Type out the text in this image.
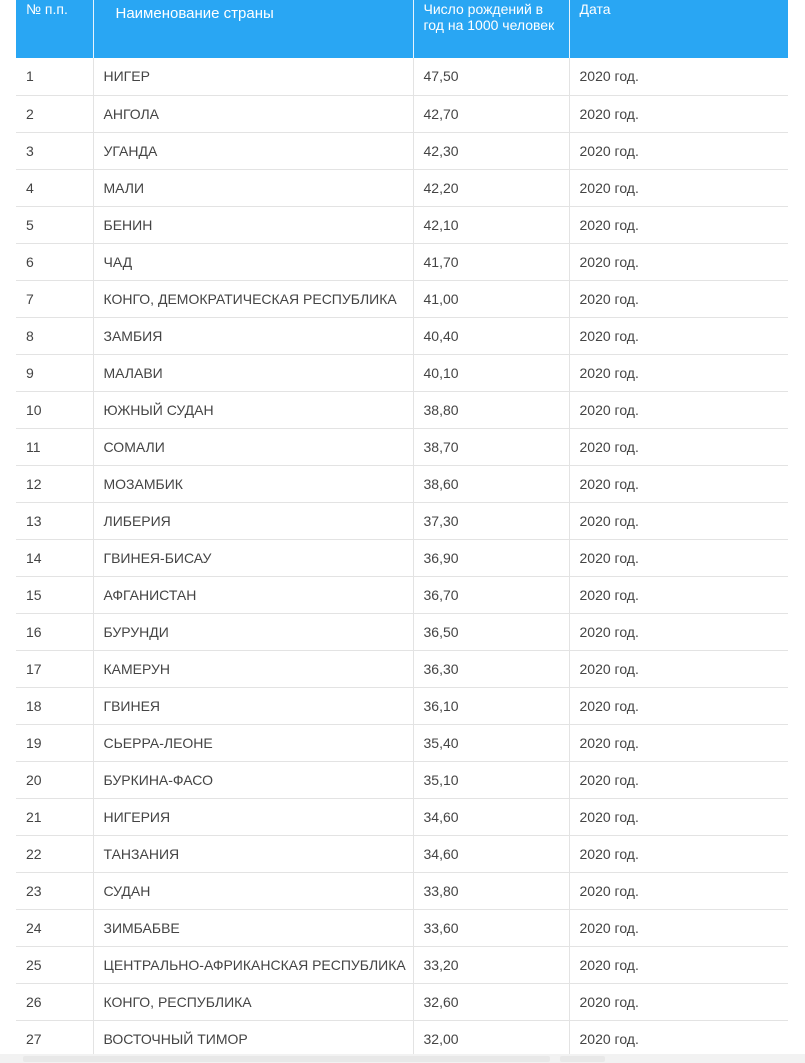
№ п.п.	Наименование страны	Число рождений в год на 1000 человек	Дата
1	НИГЕР	47,50	2020 год.
2	АНГОЛА	42,70	2020 год.
3	УГАНДА	42,30	2020 год.
4	МАЛИ	42,20	2020 год.
5	БЕНИН	42,10	2020 год.
6	ЧАД	41,70	2020 год.
7	КОНГО, ДЕМОКРАТИЧЕСКАЯ РЕСПУБЛИКА	41,00	2020 год.
8	ЗАМБИЯ	40,40	2020 год.
9	МАЛАВИ	40,10	2020 год.
10	ЮЖНЫЙ СУДАН	38,80	2020 год.
11	СОМАЛИ	38,70	2020 год.
12	МОЗАМБИК	38,60	2020 год.
13	ЛИБЕРИЯ	37,30	2020 год.
14	ГВИНЕЯ-БИСАУ	36,90	2020 год.
15	АФГАНИСТАН	36,70	2020 год.
16	БУРУНДИ	36,50	2020 год.
17	КАМЕРУН	36,30	2020 год.
18	ГВИНЕЯ	36,10	2020 год.
19	СЬЕРРА-ЛЕОНЕ	35,40	2020 год.
20	БУРКИНА-ФАСО	35,10	2020 год.
21	НИГЕРИЯ	34,60	2020 год.
22	ТАНЗАНИЯ	34,60	2020 год.
23	СУДАН	33,80	2020 год.
24	ЗИМБАБВЕ	33,60	2020 год.
25	ЦЕНТРАЛЬНО-АФРИКАНСКАЯ РЕСПУБЛИКА	33,20	2020 год.
26	КОНГО, РЕСПУБЛИКА	32,60	2020 год.
27	ВОСТОЧНЫЙ ТИМОР	32,00	2020 год.
